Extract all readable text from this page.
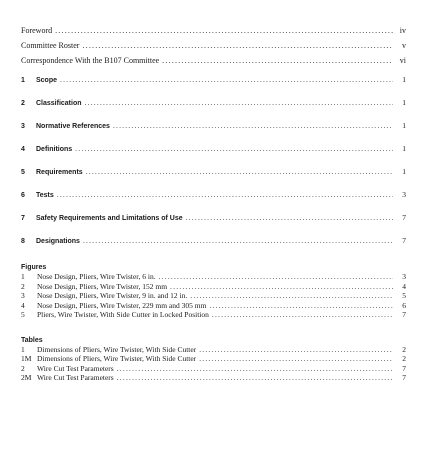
Foreword .....	iv
Committee Roster .....	v
Correspondence With the B107 Committee .....	vi
1	Scope .....	1
2	Classification .....	1
3	Normative References .....	1
4	Definitions .....	1
5	Requirements .....	1
6	Tests .....	3
7	Safety Requirements and Limitations of Use .....	7
8	Designations .....	7
Figures
1	Nose Design, Pliers, Wire Twister, 6 in. .....	3
2	Nose Design, Pliers, Wire Twister, 152 mm .....	4
3	Nose Design, Pliers, Wire Twister, 9 in. and 12 in. .....	5
4	Nose Design, Pliers, Wire Twister, 229 mm and 305 mm .....	6
5	Pliers, Wire Twister, With Side Cutter in Locked Position .....	7
Tables
1	Dimensions of Pliers, Wire Twister, With Side Cutter .....	2
1M Dimensions of Pliers, Wire Twister, With Side Cutter .....	2
2	Wire Cut Test Parameters .....	7
2M Wire Cut Test Parameters .....	7
